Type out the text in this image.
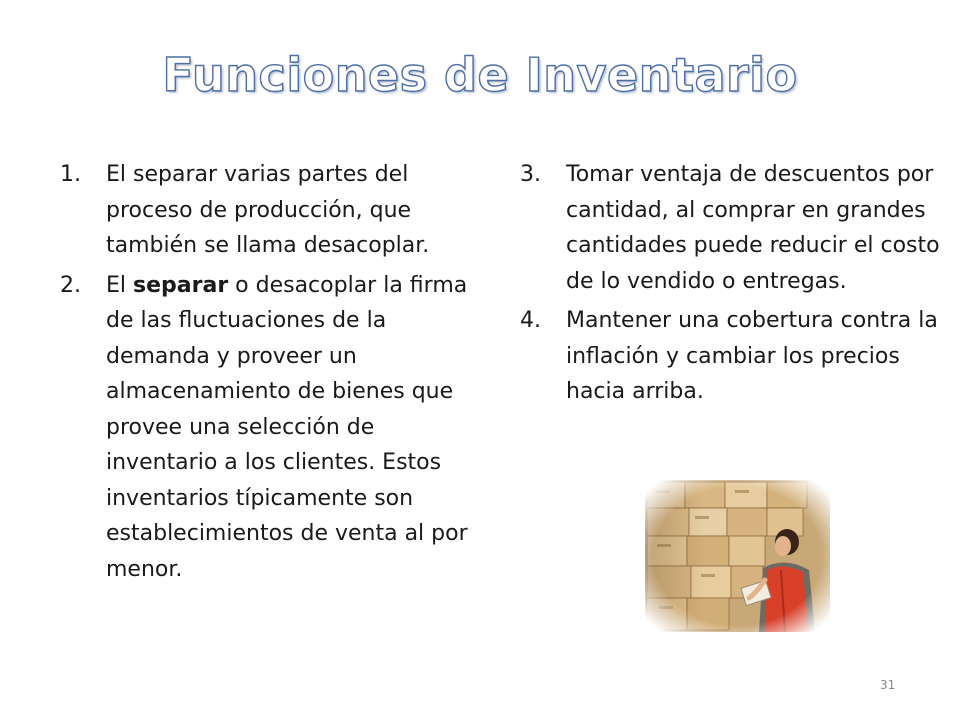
Funciones de Inventario
1. El separar varias partes del proceso de producción, que también se llama desacoplar.
2. El separar o desacoplar la firma de las fluctuaciones de la demanda y proveer un almacenamiento de bienes que provee una selección de inventario a los clientes. Estos inventarios típicamente son establecimientos de venta al por menor.
3. Tomar ventaja de descuentos por cantidad, al comprar en grandes cantidades puede reducir el costo de lo vendido o entregas.
4. Mantener una cobertura contra la inflación y cambiar los precios hacia arriba.
31
